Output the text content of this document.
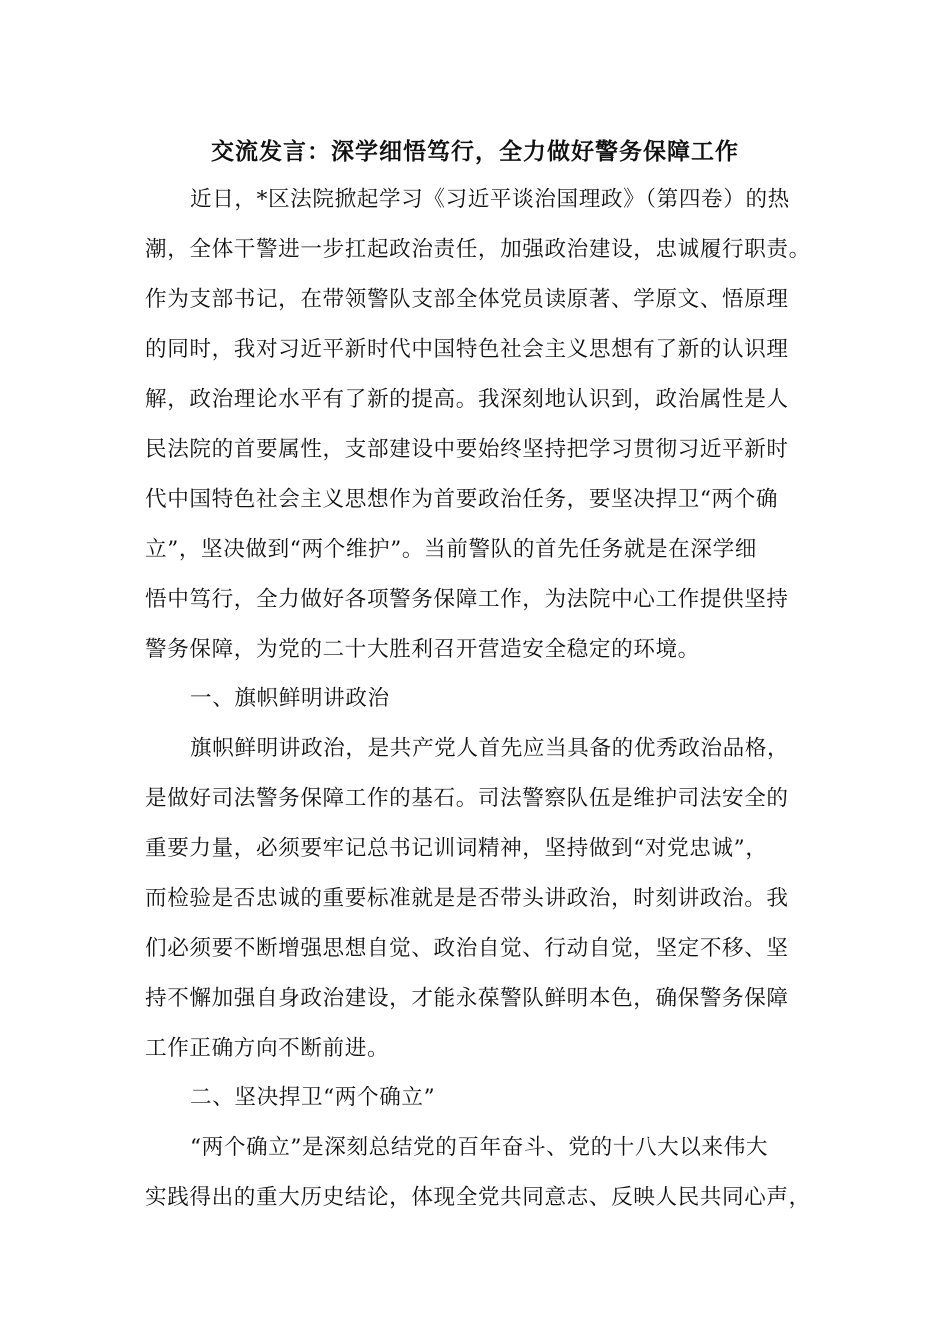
交流发言：深学细悟笃行，全力做好警务保障工作
近日，*区法院掀起学习《习近平谈治国理政》（第四卷）的热
潮，全体干警进一步扛起政治责任，加强政治建设，忠诚履行职责。
作为支部书记，在带领警队支部全体党员读原著、学原文、悟原理
的同时，我对习近平新时代中国特色社会主义思想有了新的认识理
解，政治理论水平有了新的提高。我深刻地认识到，政治属性是人
民法院的首要属性，支部建设中要始终坚持把学习贯彻习近平新时
代中国特色社会主义思想作为首要政治任务，要坚决捍卫“两个确
立”，坚决做到“两个维护”。当前警队的首先任务就是在深学细
悟中笃行，全力做好各项警务保障工作，为法院中心工作提供坚持
警务保障，为党的二十大胜利召开营造安全稳定的环境。
一、旗帜鲜明讲政治
旗帜鲜明讲政治，是共产党人首先应当具备的优秀政治品格，
是做好司法警务保障工作的基石。司法警察队伍是维护司法安全的
重要力量，必须要牢记总书记训词精神，坚持做到“对党忠诚”，
而检验是否忠诚的重要标准就是是否带头讲政治，时刻讲政治。我
们必须要不断增强思想自觉、政治自觉、行动自觉，坚定不移、坚
持不懈加强自身政治建设，才能永葆警队鲜明本色，确保警务保障
工作正确方向不断前进。
二、坚决捍卫“两个确立”
“两个确立”是深刻总结党的百年奋斗、党的十八大以来伟大
实践得出的重大历史结论，体现全党共同意志、反映人民共同心声，
